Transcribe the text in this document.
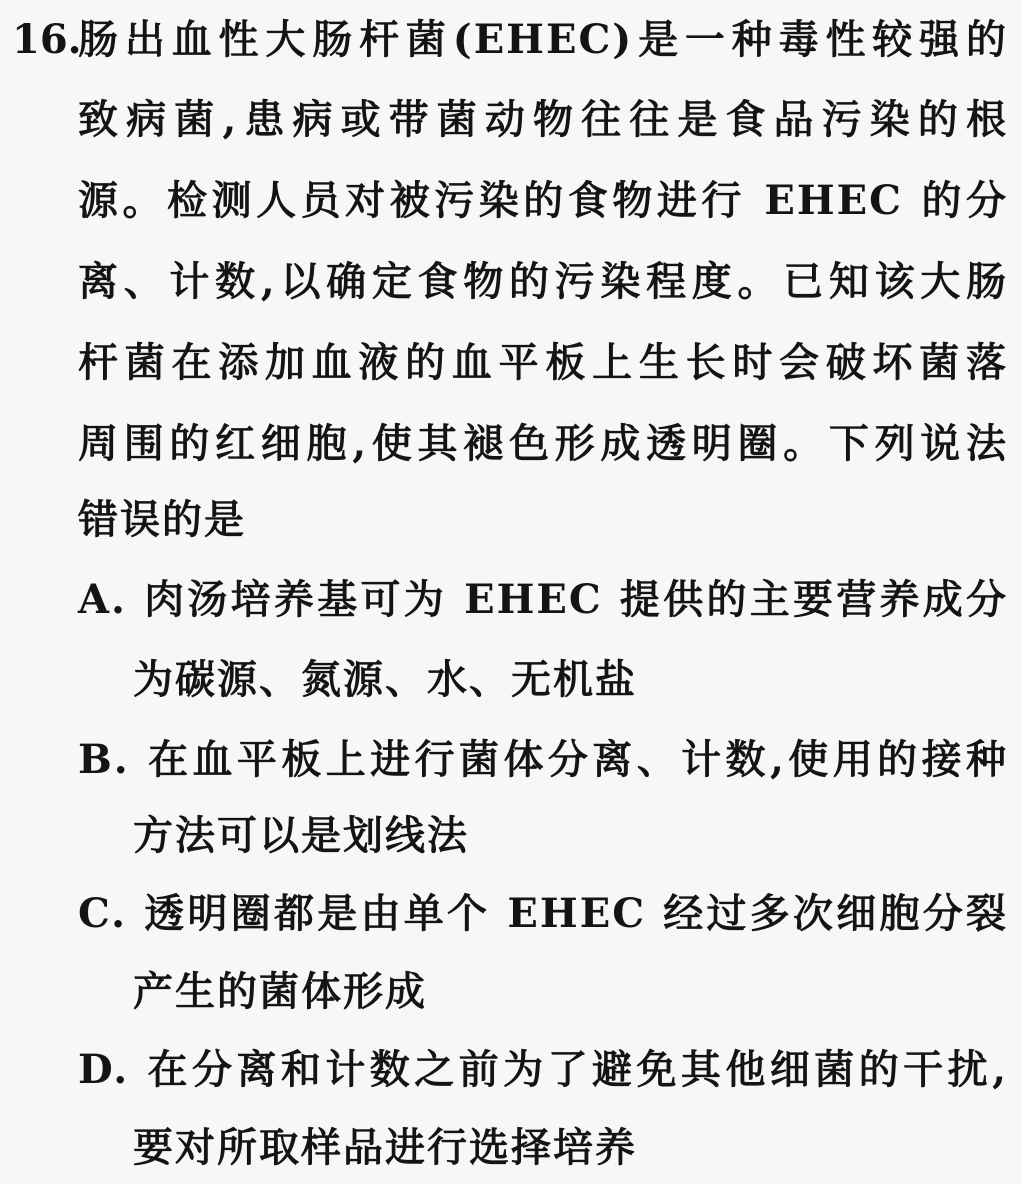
16.
肠出血性大肠杆菌(EHEC)是一种毒性较强的
致病菌,患病或带菌动物往往是食品污染的根
源。检测人员对被污染的食物进行 EHEC 的分
离、计数,以确定食物的污染程度。已知该大肠
杆菌在添加血液的血平板上生长时会破坏菌落
周围的红细胞,使其褪色形成透明圈。下列说法
错误的是
A. 肉汤培养基可为 EHEC 提供的主要营养成分
为碳源、氮源、水、无机盐
B. 在血平板上进行菌体分离、计数,使用的接种
方法可以是划线法
C. 透明圈都是由单个 EHEC 经过多次细胞分裂
产生的菌体形成
D. 在分离和计数之前为了避免其他细菌的干扰,
要对所取样品进行选择培养
